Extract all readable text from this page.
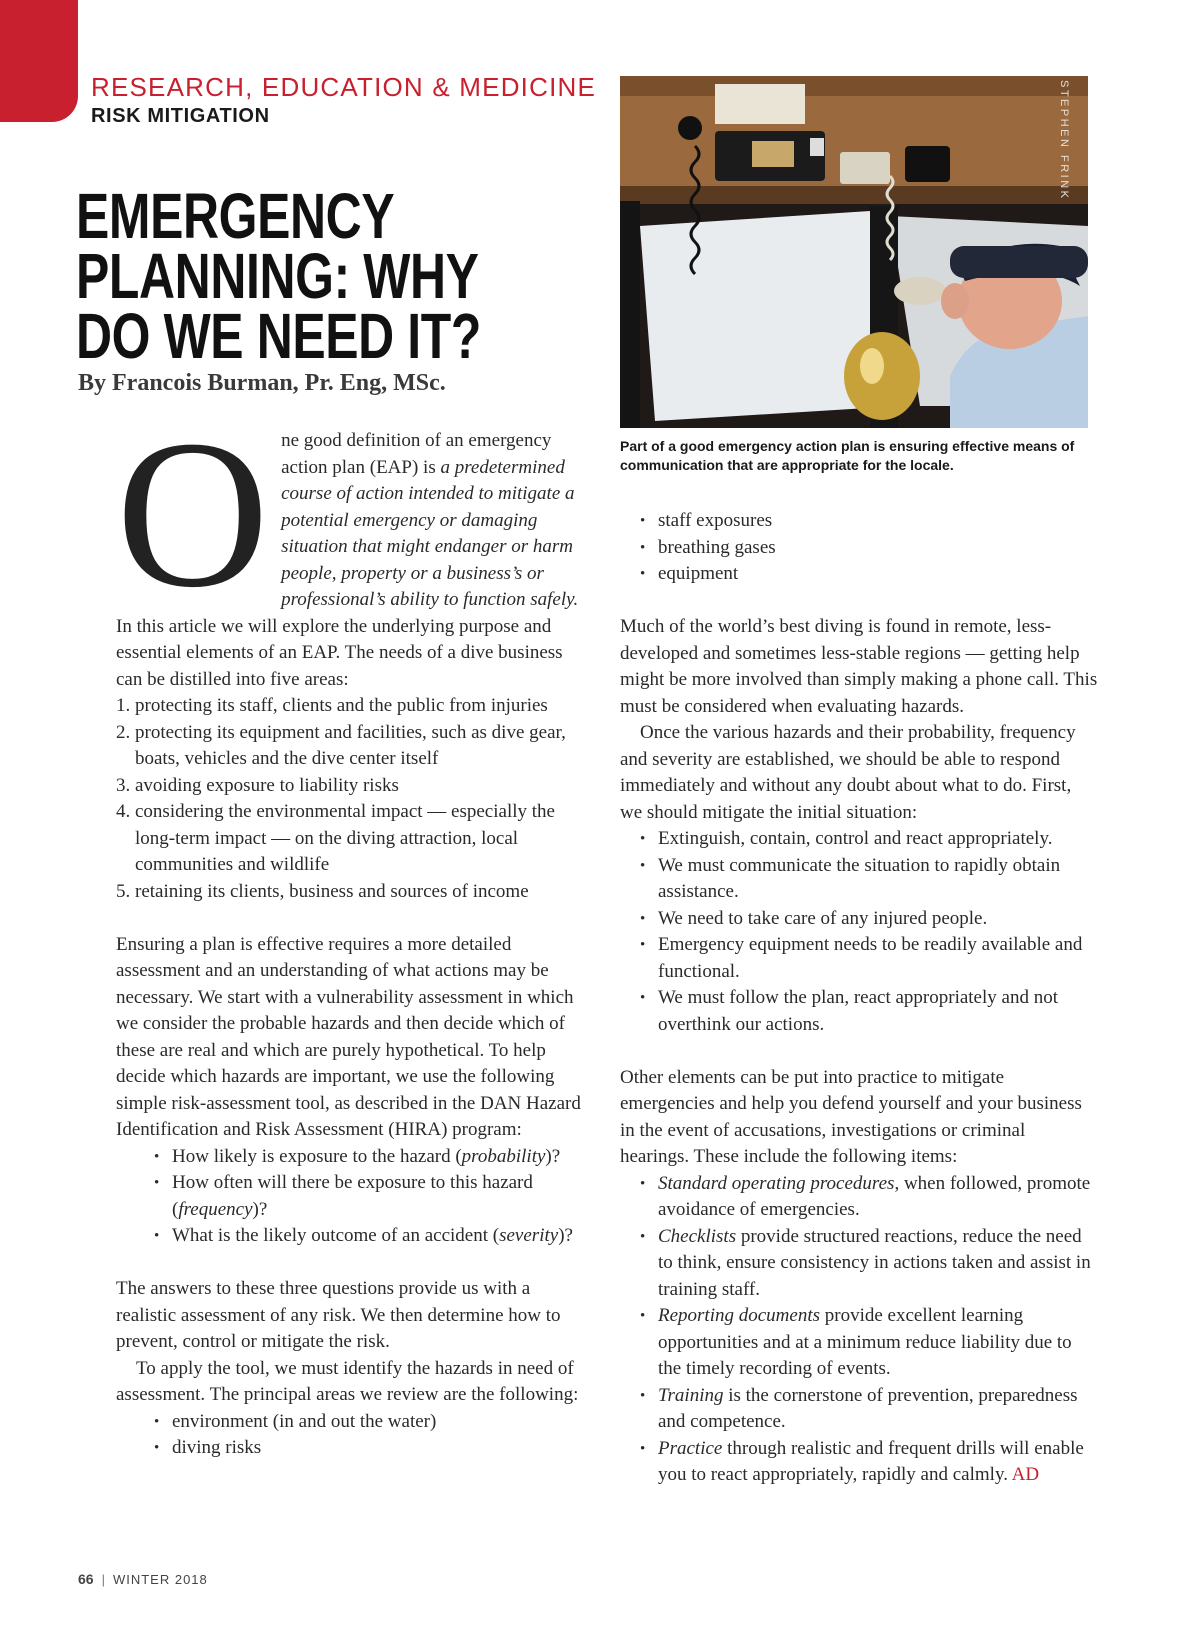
RESEARCH, EDUCATION & MEDICINE
RISK MITIGATION
EMERGENCY
PLANNING: WHY
DO WE NEED IT?
By Francois Burman, Pr. Eng, MSc.

One good definition of an emergency action plan (EAP) is a predetermined course of action intended to mitigate a potential emergency or damaging situation that might endanger or harm people, property or a business’s or professional’s ability to function safely. In this article we will explore the underlying purpose and essential elements of an EAP. The needs of a dive business can be distilled into five areas:

1. protecting its staff, clients and the public from injuries
2. protecting its equipment and facilities, such as dive gear, boats, vehicles and the dive center itself
3. avoiding exposure to liability risks
4. considering the environmental impact — especially the long-term impact — on the diving attraction, local communities and wildlife
5. retaining its clients, business and sources of income

Ensuring a plan is effective requires a more detailed assessment and an understanding of what actions may be necessary. We start with a vulnerability assessment in which we consider the probable hazards and then decide which of these are real and which are purely hypothetical. To help decide which hazards are important, we use the following simple risk-assessment tool, as described in the DAN Hazard Identification and Risk Assessment (HIRA) program:

• How likely is exposure to the hazard (probability)?
• How often will there be exposure to this hazard (frequency)?
• What is the likely outcome of an accident (severity)?

The answers to these three questions provide us with a realistic assessment of any risk. We then determine how to prevent, control or mitigate the risk.

To apply the tool, we must identify the hazards in need of assessment. The principal areas we review are the following:

• environment (in and out the water)
• diving risks
STEPHEN FRINK
Part of a good emergency action plan is ensuring effective means of communication that are appropriate for the locale.
• staff exposures
• breathing gases
• equipment

Much of the world’s best diving is found in remote, less-developed and sometimes less-stable regions — getting help might be more involved than simply making a phone call. This must be considered when evaluating hazards.

Once the various hazards and their probability, frequency and severity are established, we should be able to respond immediately and without any doubt about what to do. First, we should mitigate the initial situation:

• Extinguish, contain, control and react appropriately.
• We must communicate the situation to rapidly obtain assistance.
• We need to take care of any injured people.
• Emergency equipment needs to be readily available and functional.
• We must follow the plan, react appropriately and not overthink our actions.

Other elements can be put into practice to mitigate emergencies and help you defend yourself and your business in the event of accusations, investigations or criminal hearings. These include the following items:

• Standard operating procedures, when followed, promote avoidance of emergencies.
• Checklists provide structured reactions, reduce the need to think, ensure consistency in actions taken and assist in training staff.
• Reporting documents provide excellent learning opportunities and at a minimum reduce liability due to the timely recording of events.
• Training is the cornerstone of prevention, preparedness and competence.
• Practice through realistic and frequent drills will enable you to react appropriately, rapidly and calmly. AD
66 | WINTER 2018
